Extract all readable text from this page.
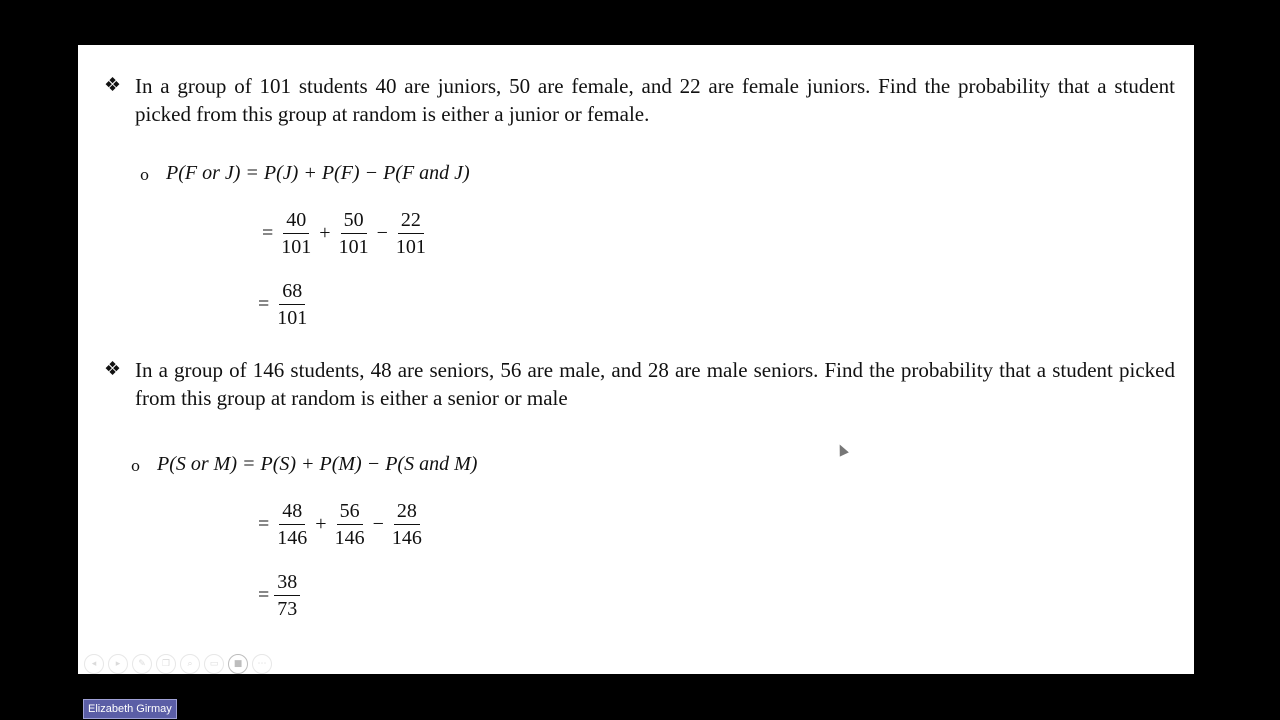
❖ In a group of 101 students 40 are juniors, 50 are female, and 22 are female juniors. Find the probability that a student picked from this group at random is either a junior or female.

o P(F or J) = P(J) + P(F) − P(F and J)
= $\frac{40}{101} + \frac{50}{101} - \frac{22}{101}$
= $\frac{68}{101}$
❖ In a group of 146 students, 48 are seniors, 56 are male, and 28 are male seniors. Find the probability that a student picked from this group at random is either a senior or male

o P(S or M) = P(S) + P(M) − P(S and M)
= $\frac{48}{146} + \frac{56}{146} - \frac{28}{146}$
= $\frac{38}{73}$
◂	▸	✎	❐	⌕	▭	■	⋯
Elizabeth Girmay
